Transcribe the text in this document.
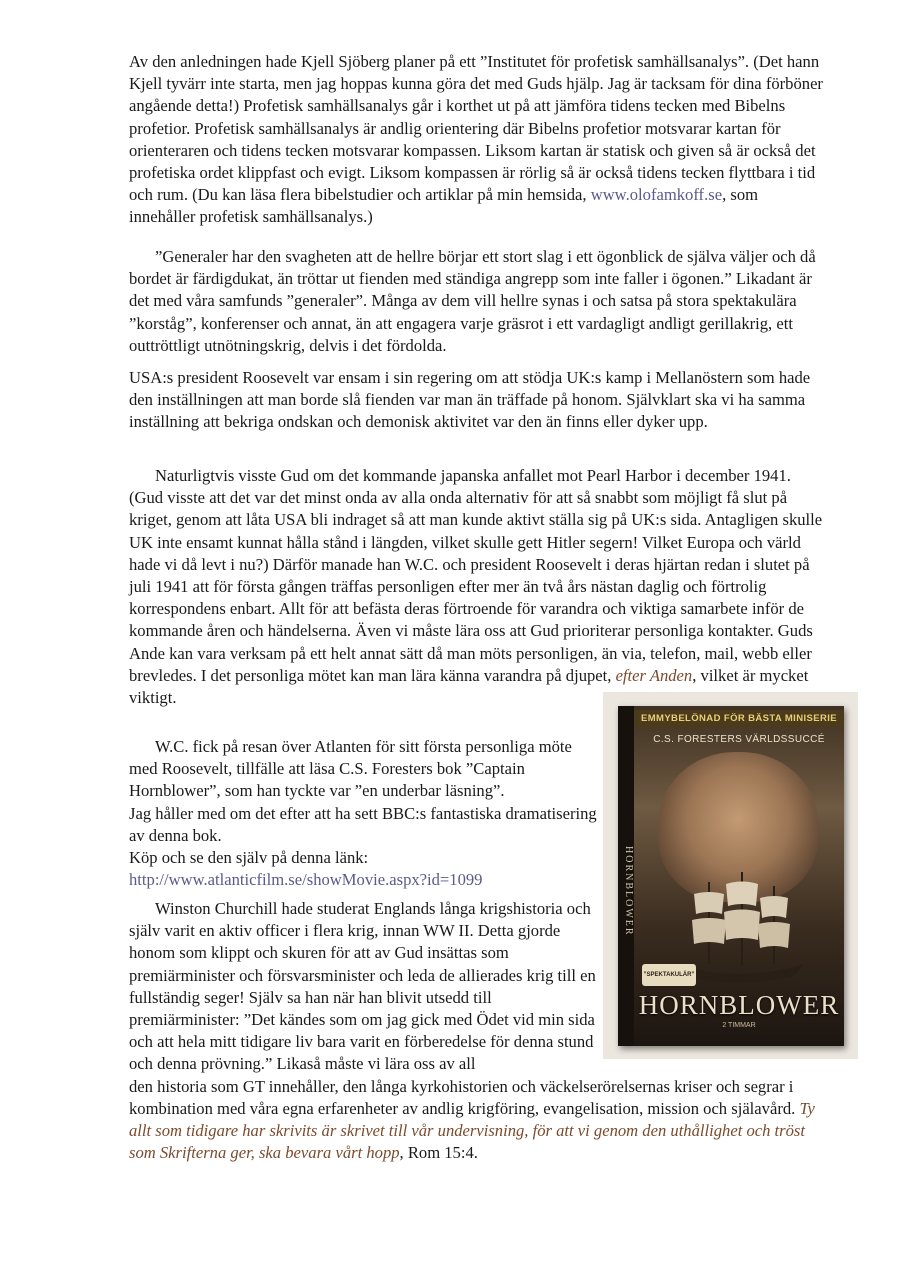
Av den anledningen hade Kjell Sjöberg planer på ett ”Institutet för profetisk samhällsanalys”. (Det hann Kjell tyvärr inte starta, men jag hoppas kunna göra det med Guds hjälp. Jag är tacksam för dina förböner angående detta!) Profetisk samhällsanalys går i korthet ut på att jämföra tidens tecken med Bibelns profetior. Profetisk samhällsanalys är andlig orientering där Bibelns profetior motsvarar kartan för orienteraren och tidens tecken motsvarar kompassen. Liksom kartan är statisk och given så är också det profetiska ordet klippfast och evigt. Liksom kompassen är rörlig så är också tidens tecken flyttbara i tid och rum. (Du kan läsa flera bibelstudier och artiklar på min hemsida, www.olofamkoff.se, som innehåller profetisk samhällsanalys.)

”Generaler har den svagheten att de hellre börjar ett stort slag i ett ögonblick de själva väljer och då bordet är färdigdukat, än tröttar ut fienden med ständiga angrepp som inte faller i ögonen.” Likadant är det med våra samfunds ”generaler”. Många av dem vill hellre synas i och satsa på stora spektakulära ”korståg”, konferenser och annat, än att engagera varje gräsrot i ett vardagligt andligt gerillakrig, ett outtröttligt utnötningskrig, delvis i det fördolda.

USA:s president Roosevelt var ensam i sin regering om att stödja UK:s kamp i Mellanöstern som hade den inställningen att man borde slå fienden var man än träffade på honom. Självklart ska vi ha samma inställning att bekriga ondskan och demonisk aktivitet var den än finns eller dyker upp.

Naturligtvis visste Gud om det kommande japanska anfallet mot Pearl Harbor i december 1941. (Gud visste att det var det minst onda av alla onda alternativ för att så snabbt som möjligt få slut på kriget, genom att låta USA bli indraget så att man kunde aktivt ställa sig på UK:s sida. Antagligen skulle UK inte ensamt kunnat hålla stånd i längden, vilket skulle gett Hitler segern! Vilket Europa och värld hade vi då levt i nu?) Därför manade han W.C. och president Roosevelt i deras hjärtan redan i slutet på juli 1941 att för första gången träffas personligen efter mer än två års nästan daglig och förtrolig korrespondens enbart. Allt för att befästa deras förtroende för varandra och viktiga samarbete inför de kommande åren och händelserna. Även vi måste lära oss att Gud prioriterar personliga kontakter. Guds Ande kan vara verksam på ett helt annat sätt då man möts personligen, än via, telefon, mail, webb eller brevledes. I det personliga mötet kan man lära känna varandra på djupet, efter Anden, vilket är mycket viktigt.

W.C. fick på resan över Atlanten för sitt första personliga möte med Roosevelt, tillfälle att läsa C.S. Foresters bok ”Captain Hornblower”, som han tyckte var ”en underbar läsning”.

Jag håller med om det efter att ha sett BBC:s fantastiska dramatisering av denna bok.

Köp och se den själv på denna länk:

http://www.atlanticfilm.se/showMovie.aspx?id=1099

Winston Churchill hade studerat Englands långa krigshistoria och själv varit en aktiv officer i flera krig, innan WW II. Detta gjorde honom som klippt och skuren för att av Gud insättas som premiärminister och försvarsminister och leda de allierades krig till en fullständig seger! Själv sa han när han blivit utsedd till premiärminister: ”Det kändes som om jag gick med Ödet vid min sida och att hela mitt tidigare liv bara varit en förberedelse för denna stund och denna prövning.” Likaså måste vi lära oss av all

den historia som GT innehåller, den långa kyrkohistorien och väckelserörelsernas kriser och segrar i kombination med våra egna erfarenheter av andlig krigföring, evangelisation, mission och själavård. Ty allt som tidigare har skrivits är skrivet till vår undervisning, för att vi genom den uthållighet och tröst som Skrifterna ger, ska bevara vårt hopp, Rom 15:4.

HORNBLOWER
EMMYBELÖNAD FÖR BÄSTA MINISERIE
C.S. FORESTERS VÄRLDSSUCCÉ
”SPEKTAKULÄR”
HORNBLOWER
2 TIMMAR
